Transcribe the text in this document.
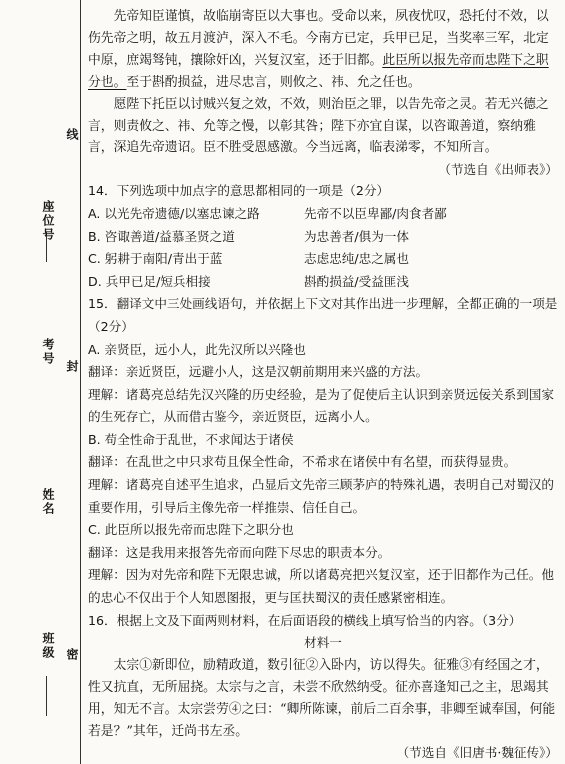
线
座位号
考号
封
姓名
班级 密

先帝知臣谨慎，故临崩寄臣以大事也。受命以来，夙夜忧叹，恐托付不效，以伤先帝之明，故五月渡泸，深入不毛。今南方已定，兵甲已足，当奖率三军，北定中原，庶竭驽钝，攘除奸凶，兴复汉室，还于旧都。此臣所以报先帝而忠陛下之职分也。至于斟酌损益，进尽忠言，则攸之、祎、允之任也。

愿陛下托臣以讨贼兴复之效，不效，则治臣之罪，以告先帝之灵。若无兴德之言，则责攸之、祎、允等之慢，以彰其咎；陛下亦宜自谋，以咨诹善道，察纳雅言，深追先帝遗诏。臣不胜受恩感激。今当远离，临表涕零，不知所言。

（节选自《出师表》）

14．下列选项中加点字的意思都相同的一项是（2分）
A. 以光先帝遗德/以塞忠谏之路	先帝不以臣卑鄙/肉食者鄙
B. 咨诹善道/益慕圣贤之道	为忠善者/俱为一体
C. 躬耕于南阳/青出于蓝	志虑忠纯/忠之属也
D. 兵甲已足/短兵相接	斟酌损益/受益匪浅
15．翻译文中三处画线语句，并依据上下文对其作出进一步理解，全都正确的一项是（2分）
A. 亲贤臣，远小人，此先汉所以兴隆也
翻译：亲近贤臣，远避小人，这是汉朝前期用来兴盛的方法。
理解：诸葛亮总结先汉兴隆的历史经验，是为了促使后主认识到亲贤远佞关系到国家的生死存亡，从而借古鉴今，亲近贤臣，远离小人。
B. 苟全性命于乱世，不求闻达于诸侯
翻译：在乱世之中只求苟且保全性命，不希求在诸侯中有名望，而获得显贵。
理解：诸葛亮自述平生追求，凸显后文先帝三顾茅庐的特殊礼遇，表明自己对蜀汉的重要作用，引导后主像先帝一样推崇、信任自己。
C. 此臣所以报先帝而忠陛下之职分也
翻译：这是我用来报答先帝而向陛下尽忠的职责本分。
理解：因为对先帝和陛下无限忠诚，所以诸葛亮把兴复汉室，还于旧都作为己任。他的忠心不仅出于个人知恩图报，更与匡扶蜀汉的责任感紧密相连。
16．根据上文及下面两则材料，在后面语段的横线上填写恰当的内容。（3分）
材料一

太宗①新即位，励精政道，数引征②入卧内，访以得失。征雅③有经国之才，性又抗直，无所屈挠。太宗与之言，未尝不欣然纳受。征亦喜逢知己之主，思竭其用，知无不言。太宗尝劳④之曰：“卿所陈谏，前后二百余事，非卿至诚奉国，何能若是？”其年，迁尚书左丞。

（节选自《旧唐书·魏征传》）
